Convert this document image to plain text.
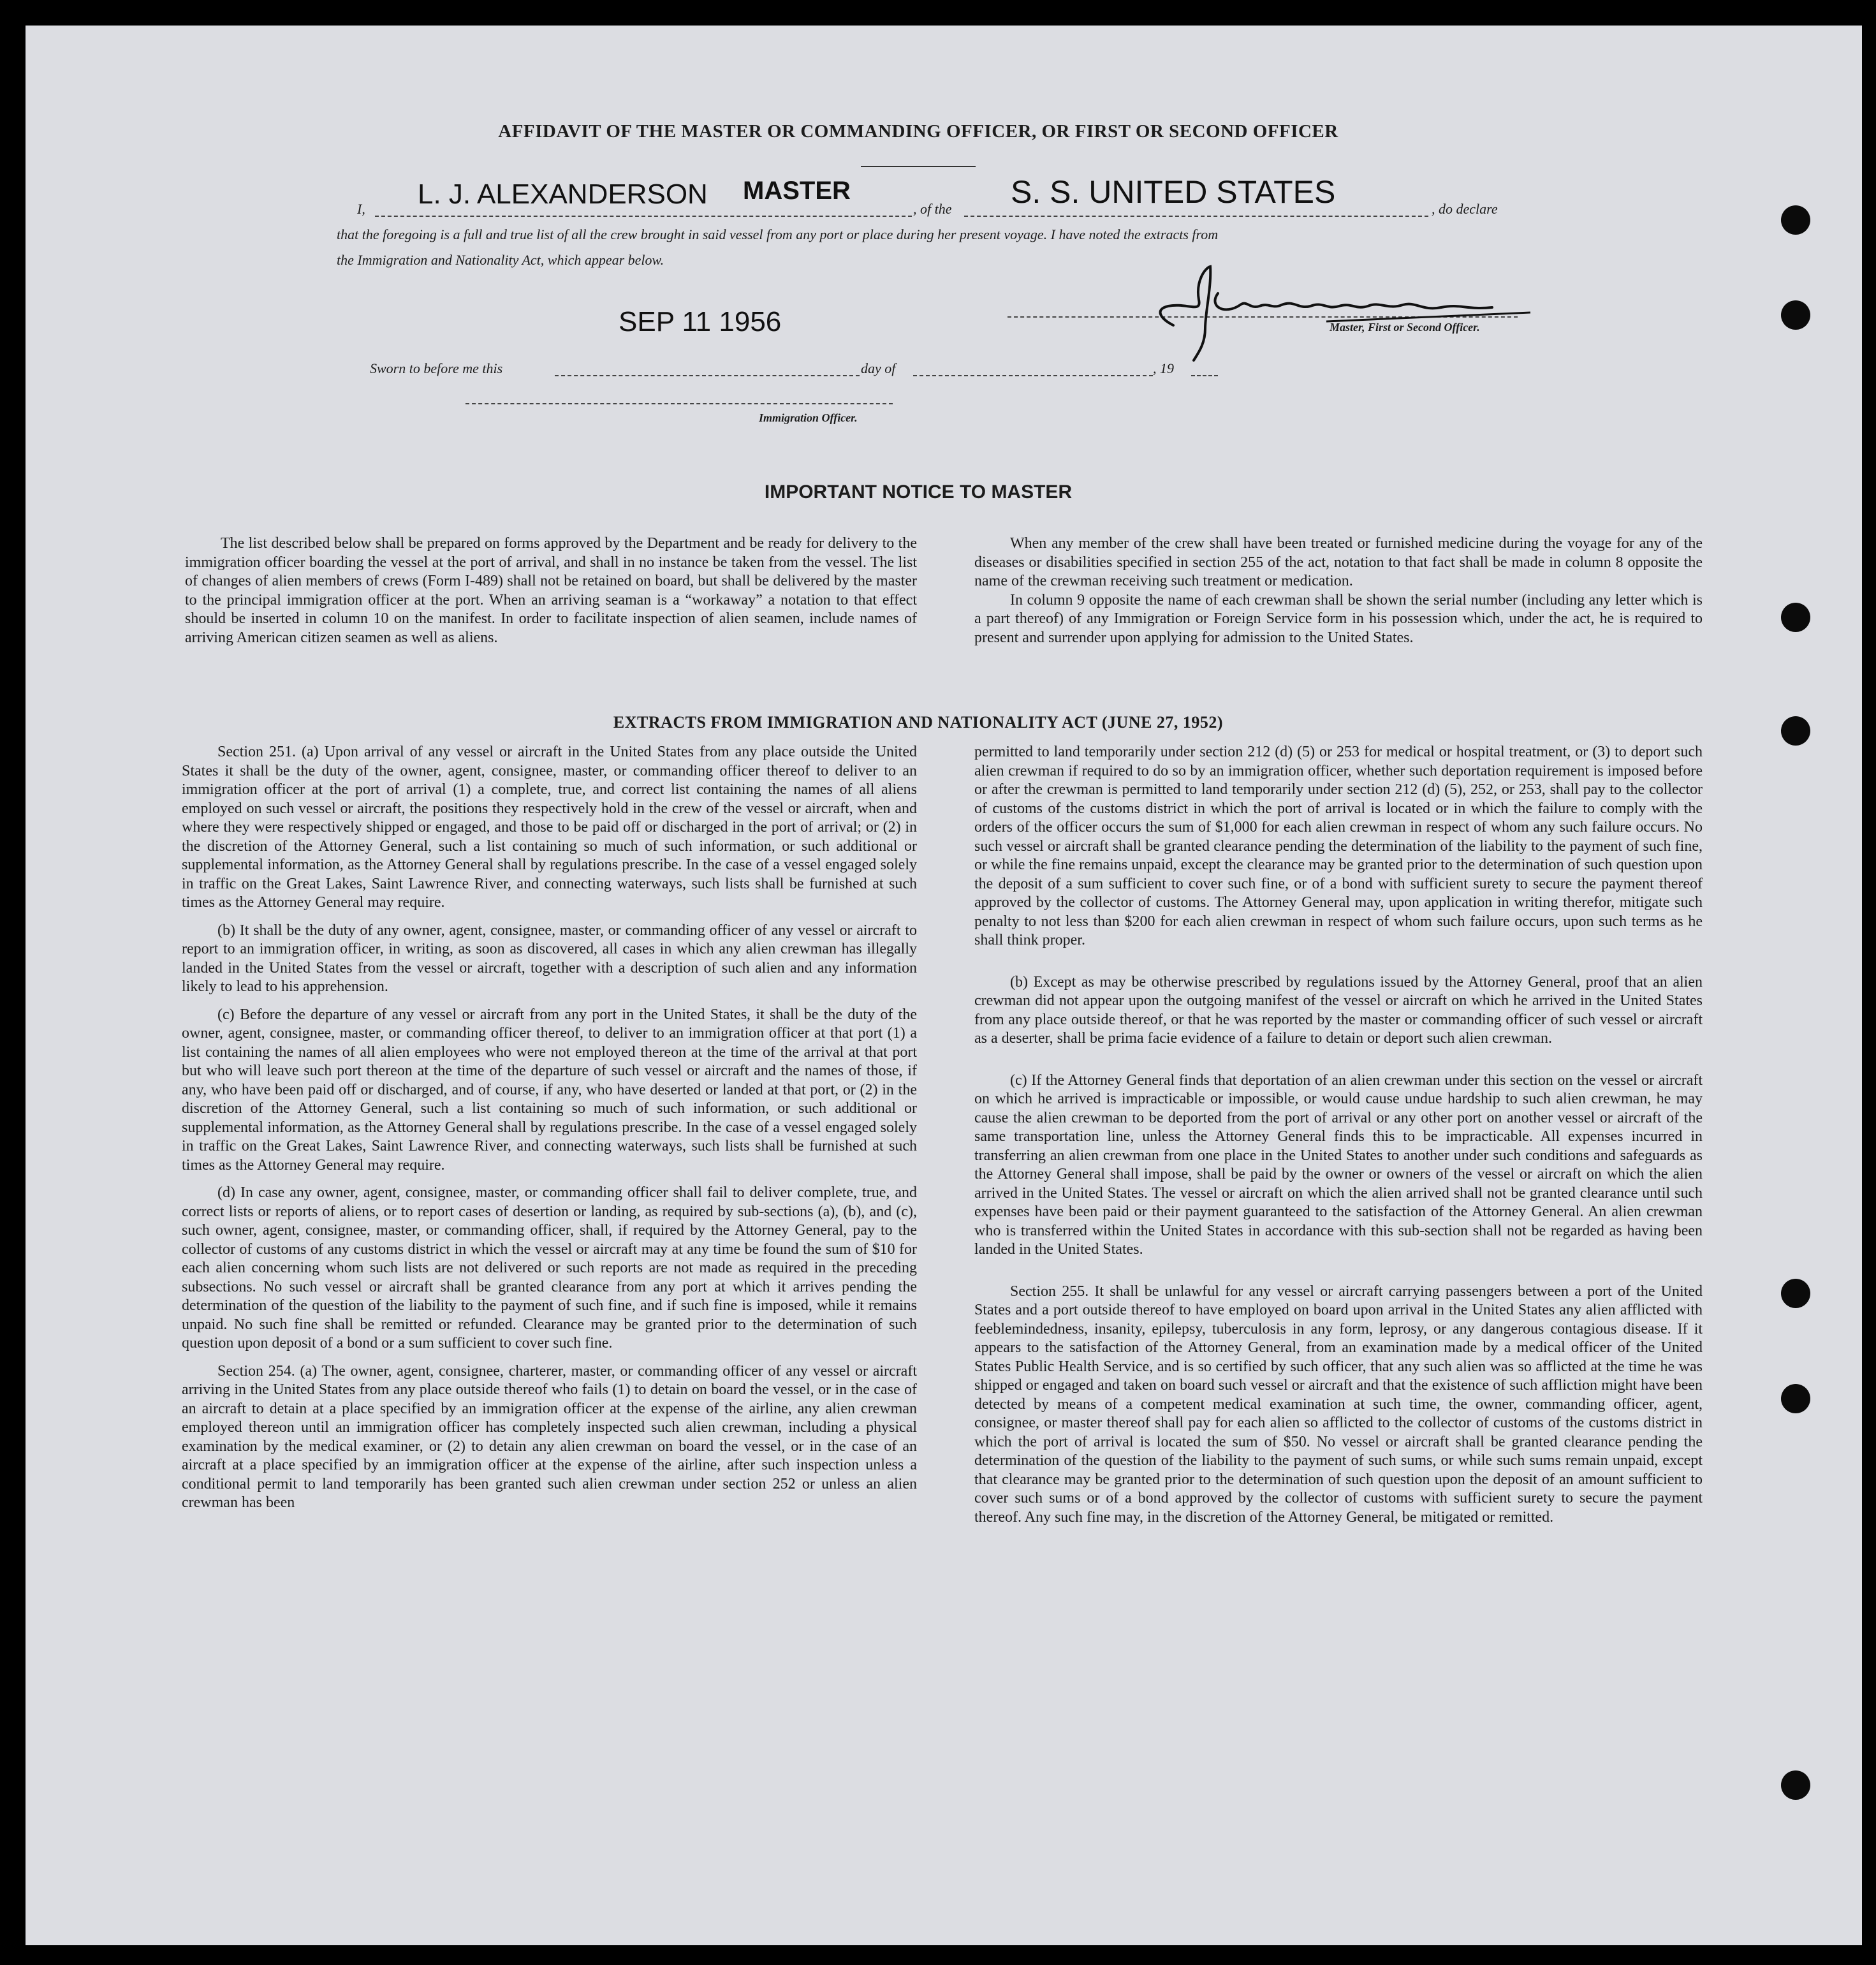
AFFIDAVIT OF THE MASTER OR COMMANDING OFFICER, OR FIRST OR SECOND OFFICER
I, L. J. ALEXANDERSON MASTER
, of the S. S. UNITED STATES	, do declare
that the foregoing is a full and true list of all the crew brought in said vessel from any port or place during her present voyage. I have noted the extracts from
the Immigration and Nationality Act, which appear below.
SEP 11 1956	Master, First or Second Officer.
Sworn to before me this	day of	, 19
Immigration Officer.
IMPORTANT NOTICE TO MASTER

The list described below shall be prepared on forms approved by the Department and be ready for delivery to the immigration officer boarding the vessel at the port of arrival, and shall in no instance be taken from the vessel. The list of changes of alien members of crews (Form I-489) shall not be retained on board, but shall be delivered by the master to the principal immigration officer at the port. When an arriving seaman is a “workaway” a notation to that effect should be inserted in column 10 on the manifest. In order to facilitate inspection of alien seamen, include names of arriving American citizen seamen as well as aliens.

When any member of the crew shall have been treated or furnished medicine during the voyage for any of the diseases or disabilities specified in section 255 of the act, notation to that fact shall be made in column 8 opposite the name of the crewman receiving such treatment or medication.

In column 9 opposite the name of each crewman shall be shown the serial number (including any letter which is a part thereof) of any Immigration or Foreign Service form in his possession which, under the act, he is required to present and surrender upon applying for admission to the United States.

EXTRACTS FROM IMMIGRATION AND NATIONALITY ACT (JUNE 27, 1952)

Section 251. (a) Upon arrival of any vessel or aircraft in the United States from any place outside the United States it shall be the duty of the owner, agent, consignee, master, or commanding officer thereof to deliver to an immigration officer at the port of arrival (1) a complete, true, and correct list containing the names of all aliens employed on such vessel or aircraft, the positions they respectively hold in the crew of the vessel or aircraft, when and where they were respectively shipped or engaged, and those to be paid off or discharged in the port of arrival; or (2) in the discretion of the Attorney General, such a list containing so much of such information, or such additional or supplemental information, as the Attorney General shall by regulations prescribe. In the case of a vessel engaged solely in traffic on the Great Lakes, Saint Lawrence River, and connecting waterways, such lists shall be furnished at such times as the Attorney General may require.

(b) It shall be the duty of any owner, agent, consignee, master, or commanding officer of any vessel or aircraft to report to an immigration officer, in writing, as soon as discovered, all cases in which any alien crewman has illegally landed in the United States from the vessel or aircraft, together with a description of such alien and any information likely to lead to his apprehension.

(c) Before the departure of any vessel or aircraft from any port in the United States, it shall be the duty of the owner, agent, consignee, master, or commanding officer thereof, to deliver to an immigration officer at that port (1) a list containing the names of all alien employees who were not employed thereon at the time of the arrival at that port but who will leave such port thereon at the time of the departure of such vessel or aircraft and the names of those, if any, who have been paid off or discharged, and of course, if any, who have deserted or landed at that port, or (2) in the discretion of the Attorney General, such a list containing so much of such information, or such additional or supplemental information, as the Attorney General shall by regulations prescribe. In the case of a vessel engaged solely in traffic on the Great Lakes, Saint Lawrence River, and connecting waterways, such lists shall be furnished at such times as the Attorney General may require.

(d) In case any owner, agent, consignee, master, or commanding officer shall fail to deliver complete, true, and correct lists or reports of aliens, or to report cases of desertion or landing, as required by sub-sections (a), (b), and (c), such owner, agent, consignee, master, or commanding officer, shall, if required by the Attorney General, pay to the collector of customs of any customs district in which the vessel or aircraft may at any time be found the sum of $10 for each alien concerning whom such lists are not delivered or such reports are not made as required in the preceding subsections. No such vessel or aircraft shall be granted clearance from any port at which it arrives pending the determination of the question of the liability to the payment of such fine, and if such fine is imposed, while it remains unpaid. No such fine shall be remitted or refunded. Clearance may be granted prior to the determination of such question upon deposit of a bond or a sum sufficient to cover such fine.

Section 254. (a) The owner, agent, consignee, charterer, master, or commanding officer of any vessel or aircraft arriving in the United States from any place outside thereof who fails (1) to detain on board the vessel, or in the case of an aircraft to detain at a place specified by an immigration officer at the expense of the airline, any alien crewman employed thereon until an immigration officer has completely inspected such alien crewman, including a physical examination by the medical examiner, or (2) to detain any alien crewman on board the vessel, or in the case of an aircraft at a place specified by an immigration officer at the expense of the airline, after such inspection unless a conditional permit to land temporarily has been granted such alien crewman under section 252 or unless an alien crewman has been

permitted to land temporarily under section 212 (d) (5) or 253 for medical or hospital treatment, or (3) to deport such alien crewman if required to do so by an immigration officer, whether such deportation requirement is imposed before or after the crewman is permitted to land temporarily under section 212 (d) (5), 252, or 253, shall pay to the collector of customs of the customs district in which the port of arrival is located or in which the failure to comply with the orders of the officer occurs the sum of $1,000 for each alien crewman in respect of whom any such failure occurs. No such vessel or aircraft shall be granted clearance pending the determination of the liability to the payment of such fine, or while the fine remains unpaid, except the clearance may be granted prior to the determination of such question upon the deposit of a sum sufficient to cover such fine, or of a bond with sufficient surety to secure the payment thereof approved by the collector of customs. The Attorney General may, upon application in writing therefor, mitigate such penalty to not less than $200 for each alien crewman in respect of whom such failure occurs, upon such terms as he shall think proper.

(b) Except as may be otherwise prescribed by regulations issued by the Attorney General, proof that an alien crewman did not appear upon the outgoing manifest of the vessel or aircraft on which he arrived in the United States from any place outside thereof, or that he was reported by the master or commanding officer of such vessel or aircraft as a deserter, shall be prima facie evidence of a failure to detain or deport such alien crewman.

(c) If the Attorney General finds that deportation of an alien crewman under this section on the vessel or aircraft on which he arrived is impracticable or impossible, or would cause undue hardship to such alien crewman, he may cause the alien crewman to be deported from the port of arrival or any other port on another vessel or aircraft of the same transportation line, unless the Attorney General finds this to be impracticable. All expenses incurred in transferring an alien crewman from one place in the United States to another under such conditions and safeguards as the Attorney General shall impose, shall be paid by the owner or owners of the vessel or aircraft on which the alien arrived in the United States. The vessel or aircraft on which the alien arrived shall not be granted clearance until such expenses have been paid or their payment guaranteed to the satisfaction of the Attorney General. An alien crewman who is transferred within the United States in accordance with this sub-section shall not be regarded as having been landed in the United States.

Section 255. It shall be unlawful for any vessel or aircraft carrying passengers between a port of the United States and a port outside thereof to have employed on board upon arrival in the United States any alien afflicted with feeblemindedness, insanity, epilepsy, tuberculosis in any form, leprosy, or any dangerous contagious disease. If it appears to the satisfaction of the Attorney General, from an examination made by a medical officer of the United States Public Health Service, and is so certified by such officer, that any such alien was so afflicted at the time he was shipped or engaged and taken on board such vessel or aircraft and that the existence of such affliction might have been detected by means of a competent medical examination at such time, the owner, commanding officer, agent, consignee, or master thereof shall pay for each alien so afflicted to the collector of customs of the customs district in which the port of arrival is located the sum of $50. No vessel or aircraft shall be granted clearance pending the determination of the question of the liability to the payment of such sums, or while such sums remain unpaid, except that clearance may be granted prior to the determination of such question upon the deposit of an amount sufficient to cover such sums or of a bond approved by the collector of customs with sufficient surety to secure the payment thereof. Any such fine may, in the discretion of the Attorney General, be mitigated or remitted.
